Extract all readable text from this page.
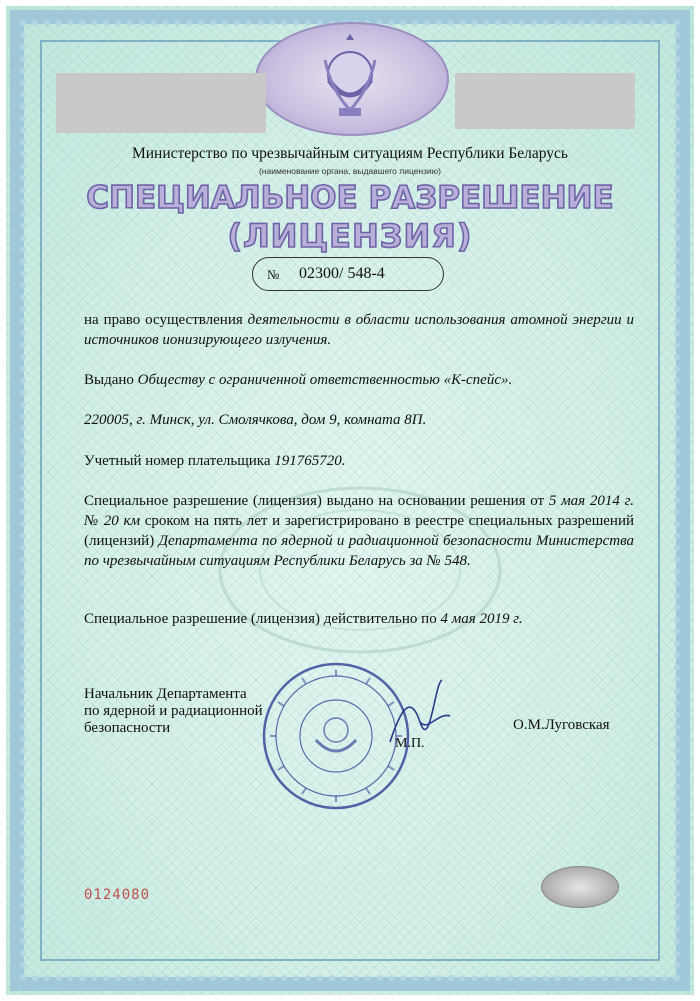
Министерство по чрезвычайным ситуациям Республики Беларусь
(наименование органа, выдавшего лицензию)
СПЕЦИАЛЬНОЕ РАЗРЕШЕНИЕ
(ЛИЦЕНЗИЯ)
№ 02300/ 548-4
на право осуществления деятельности в области использования атомной энергии и источников ионизирующего излучения.
Выдано Обществу с ограниченной ответственностью «К-спейс».
220005, г. Минск, ул. Смолячкова, дом 9, комната 8П.
Учетный номер плательщика 191765720.
Специальное разрешение (лицензия) выдано на основании решения от 5 мая 2014 г. № 20 км сроком на пять лет и зарегистрировано в реестре специальных разрешений (лицензий) Департамента по ядерной и радиационной безопасности Министерства по чрезвычайным ситуациям Республики Беларусь за № 548.
Специальное разрешение (лицензия) действительно по 4 мая 2019 г.
Начальник Департамента
по ядерной и радиационной
безопасности
М.П.
О.М.Луговская
0124080
